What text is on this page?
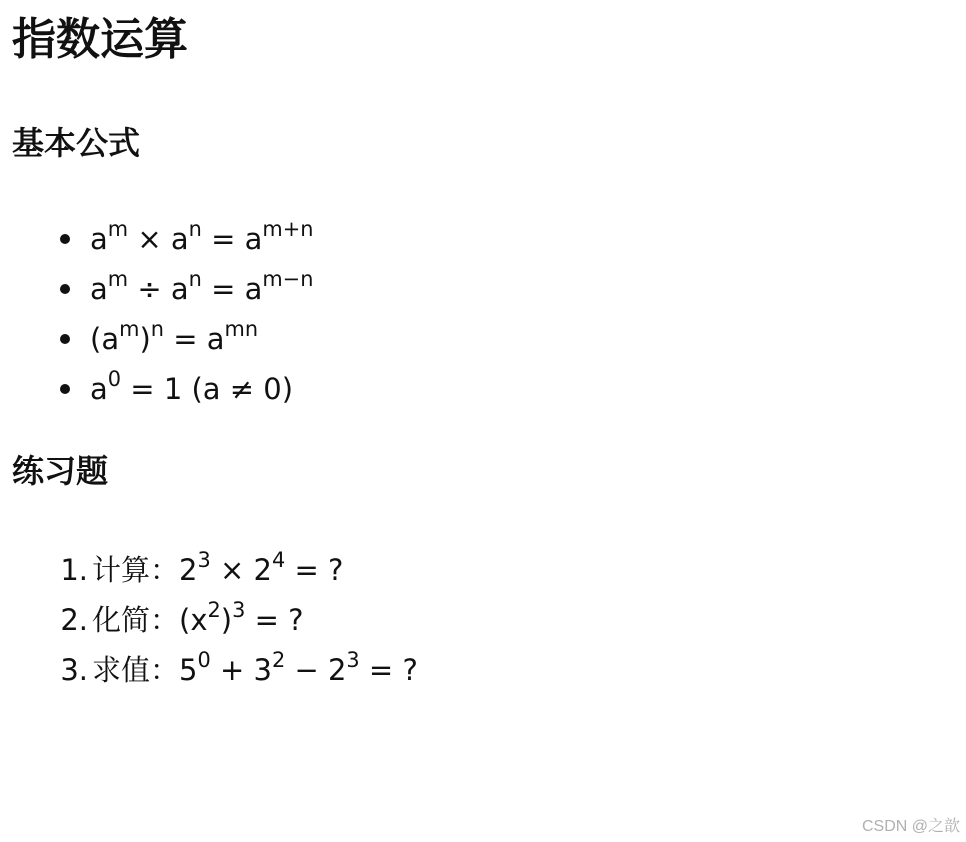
指数运算
基本公式
$a^m \times a^n = a^{m+n}$
$a^m \div a^n = a^{m-n}$
$(a^m)^n = a^{mn}$
$a^0 = 1$ (a ≠ 0)
练习题
1. 计算：$2^3 \times 2^4$ = ?
2. 化简：$(x^2)^3$ = ?
3. 求值：$5^0 + 3^2 - 2^3$ = ?
CSDN @之歆
